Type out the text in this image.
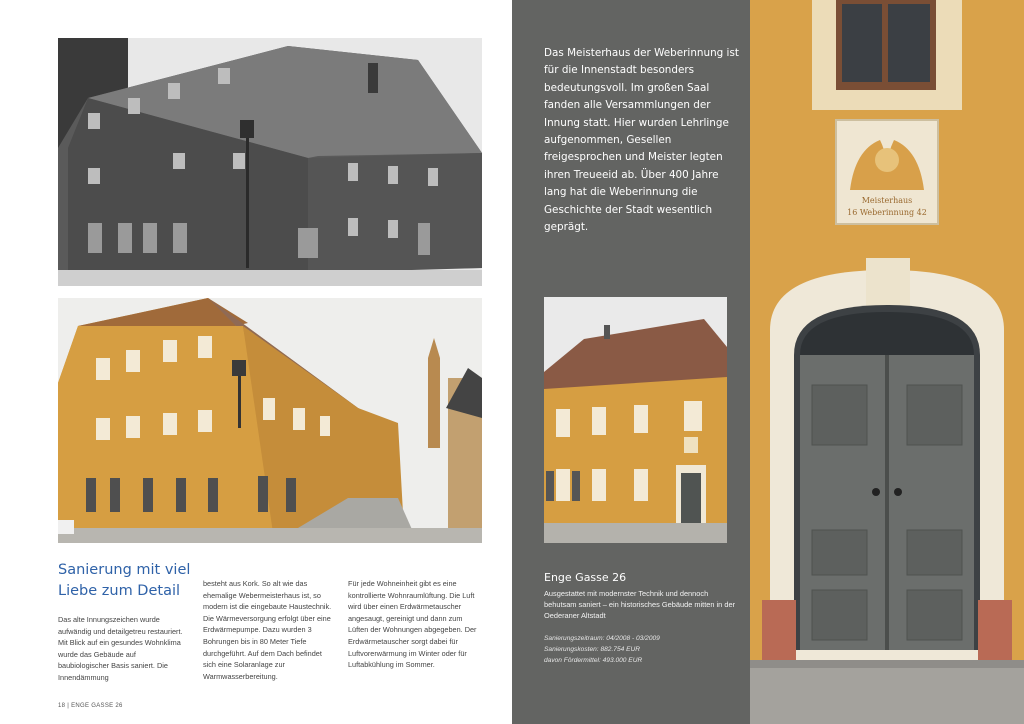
Sanierung mit viel Liebe zum Detail
Das alte Innungszeichen wurde aufwändig und detailgetreu restauriert. Mit Blick auf ein gesundes Wohnklima wurde das Gebäude auf baubiologischer Basis saniert. Die Innendämmung
besteht aus Kork. So alt wie das ehemalige Webermeisterhaus ist, so modern ist die eingebaute Haustechnik. Die Wärmeversorgung erfolgt über eine Erdwärmepumpe. Dazu wurden 3 Bohrungen bis in 80 Meter Tiefe durchgeführt. Auf dem Dach befindet sich eine Solaranlage zur Warmwasserbereitung.
Für jede Wohneinheit gibt es eine kontrollierte Wohnraumlüftung. Die Luft wird über einen Erdwärmetauscher angesaugt, gereinigt und dann zum Lüften der Wohnungen abgegeben. Der Erdwärmetauscher sorgt dabei für Luftvorerwärmung im Winter oder für Luftabkühlung im Sommer.
18 | ENGE GASSE 26
Meisterhaus
16 Weberinnung 42
Das Meisterhaus der Weberinnung ist für die Innenstadt besonders bedeutungsvoll. Im großen Saal fanden alle Versammlungen der Innung statt. Hier wurden Lehrlinge aufgenommen, Gesellen freigesprochen und Meister legten ihren Treueeid ab. Über 400 Jahre lang hat die Weberinnung die Geschichte der Stadt wesentlich geprägt.
Enge Gasse 26
Ausgestattet mit modernster Technik und dennoch behutsam saniert – ein historisches Gebäude mitten in der Oederaner Altstadt
Sanierungszeitraum: 04/2008 - 03/2009
Sanierungskosten: 882.754 EUR
davon Fördermittel: 493.000 EUR
